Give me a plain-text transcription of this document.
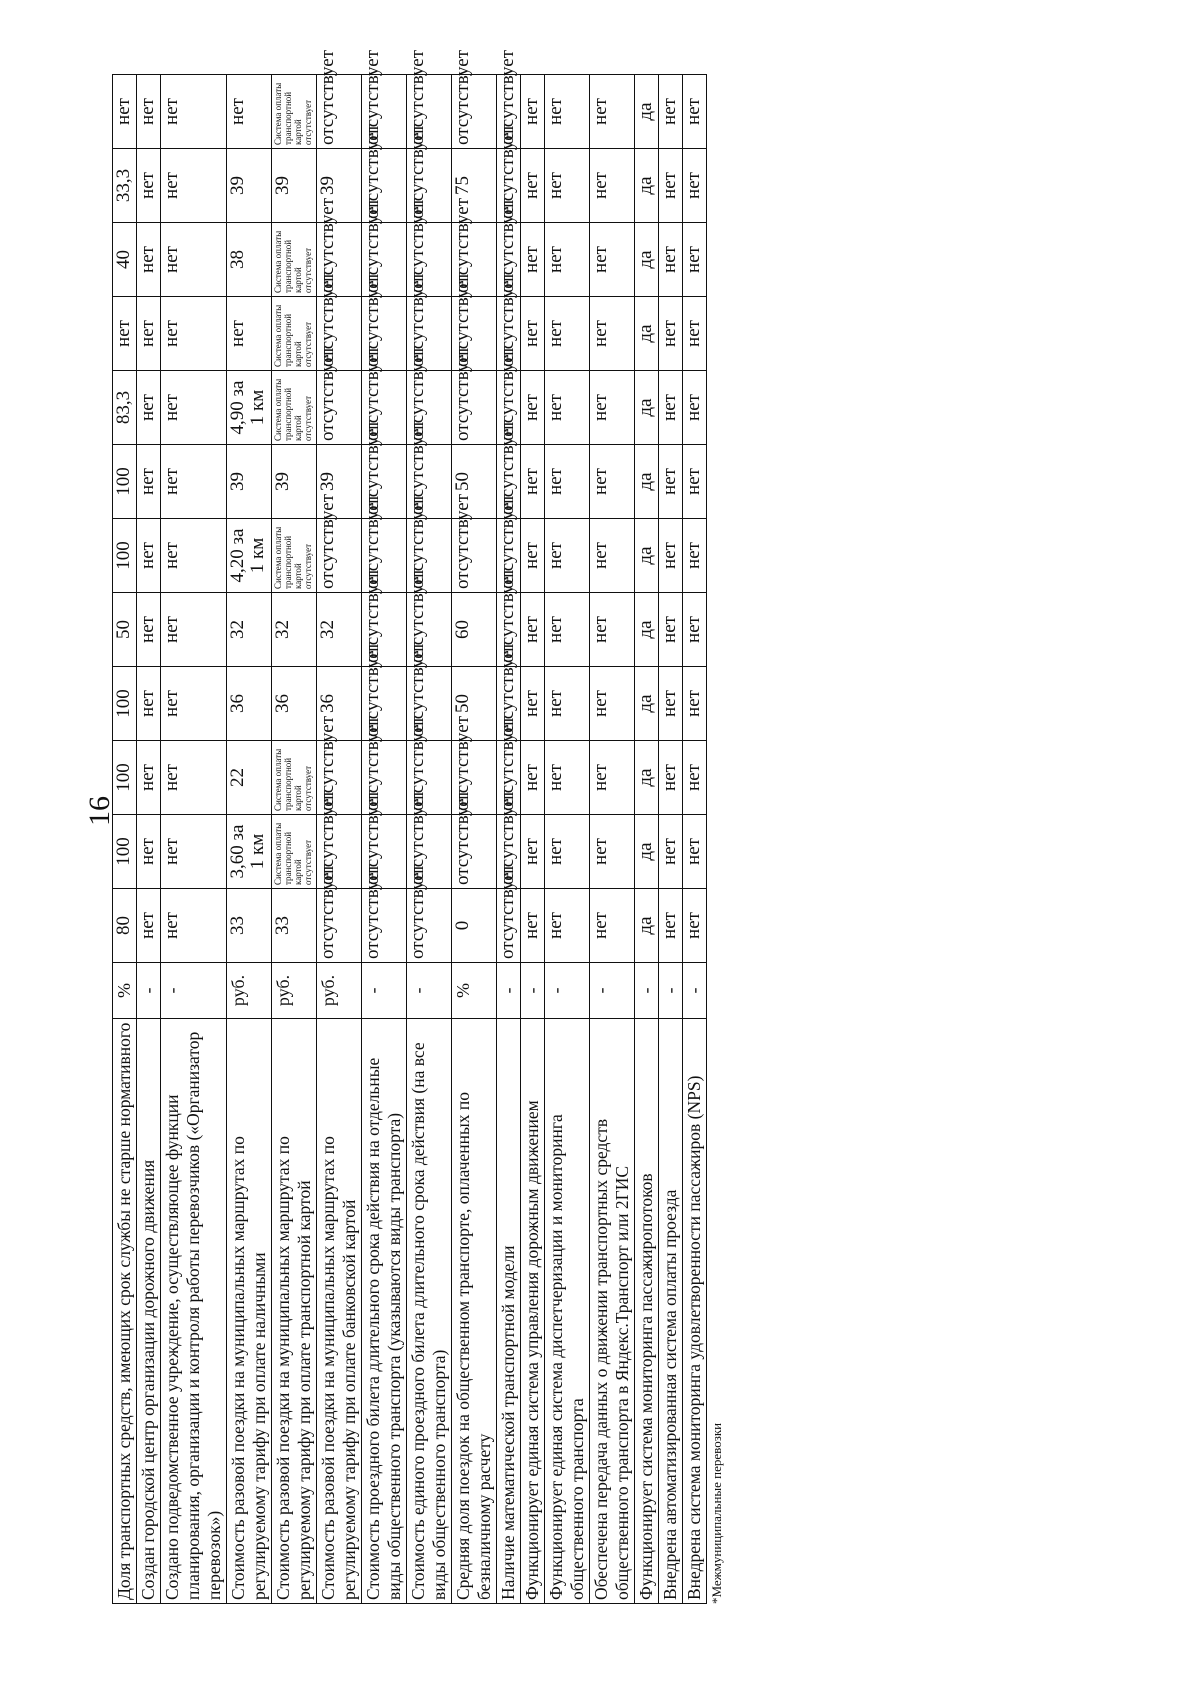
16
Доля транспортных средств, имеющих срок службы не старше нормативного	%	80	100	100	100	50	100	100	83,3	нет	40	33,3	нет
Создан городской центр организации дорожного движения	-	нет	нет	нет	нет	нет	нет	нет	нет	нет	нет	нет	нет
Создано подведомственное учреждение, осуществляющее функции планирования, организации и контроля работы перевозчиков («Организатор перевозок»)	-	нет	нет	нет	нет	нет	нет	нет	нет	нет	нет	нет	нет
Стоимость разовой поездки на муниципальных маршрутах по регулируемому тарифу при оплате наличными	руб.	33	3,60 за 1 км	22	36	32	4,20 за 1 км	39	4,90 за 1 км	нет	38	39	нет
Стоимость разовой поездки на муниципальных маршрутах по регулируемому тарифу при оплате транспортной картой	руб.	33	Система оплаты транспортной картой отсутствует	Система оплаты транспортной картой отсутствует	36	32	Система оплаты транспортной картой отсутствует	39	Система оплаты транспортной картой отсутствует	Система оплаты транспортной картой отсутствует	Система оплаты транспортной картой отсутствует	39	Система оплаты транспортной картой отсутствует
Стоимость разовой поездки на муниципальных маршрутах по регулируемому тарифу при оплате банковской картой	руб.	отсутствует	отсутствует	отсутствует	36	32	отсутствует	39	отсутствует	отсутствует	отсутствует	39	отсутствует
Стоимость проездного билета длительного срока действия на отдельные виды общественного транспорта (указываются виды транспорта)	-	отсутствует	отсутствует	отсутствует	отсутствует	отсутствует	отсутствует	отсутствует	отсутствует	отсутствует	отсутствует	отсутствует	отсутствует
Стоимость единого проездного билета длительного срока действия (на все виды общественного транспорта)	-	отсутствует	отсутствует	отсутствует	отсутствует	отсутствует	отсутствует	отсутствует	отсутствует	отсутствует	отсутствует	отсутствует	отсутствует
Средняя доля поездок на общественном транспорте, оплаченных по безналичному расчету	%	0	отсутствует	отсутствует	50	60	отсутствует	50	отсутствует	отсутствует	отсутствует	75	отсутствует
Наличие математической транспортной модели	-	отсутствует	отсутствует	отсутствует	отсутствует	отсутствует	отсутствует	отсутствует	отсутствует	отсутствует	отсутствует	отсутствует	отсутствует
Функционирует единая система управления дорожным движением	-	нет	нет	нет	нет	нет	нет	нет	нет	нет	нет	нет	нет
Функционирует единая система диспетчеризации и мониторинга общественного транспорта	-	нет	нет	нет	нет	нет	нет	нет	нет	нет	нет	нет	нет
Обеспечена передача данных о движении транспортных средств общественного транспорта в Яндекс.Транспорт или 2ГИС	-	нет	нет	нет	нет	нет	нет	нет	нет	нет	нет	нет	нет
Функционирует система мониторинга пассажиропотоков	-	да	да	да	да	да	да	да	да	да	да	да	да
Внедрена автоматизированная система оплаты проезда	-	нет	нет	нет	нет	нет	нет	нет	нет	нет	нет	нет	нет
Внедрена система мониторинга удовлетворенности пассажиров (NPS)	-	нет	нет	нет	нет	нет	нет	нет	нет	нет	нет	нет	нет
*Межмуниципальные перевозки
